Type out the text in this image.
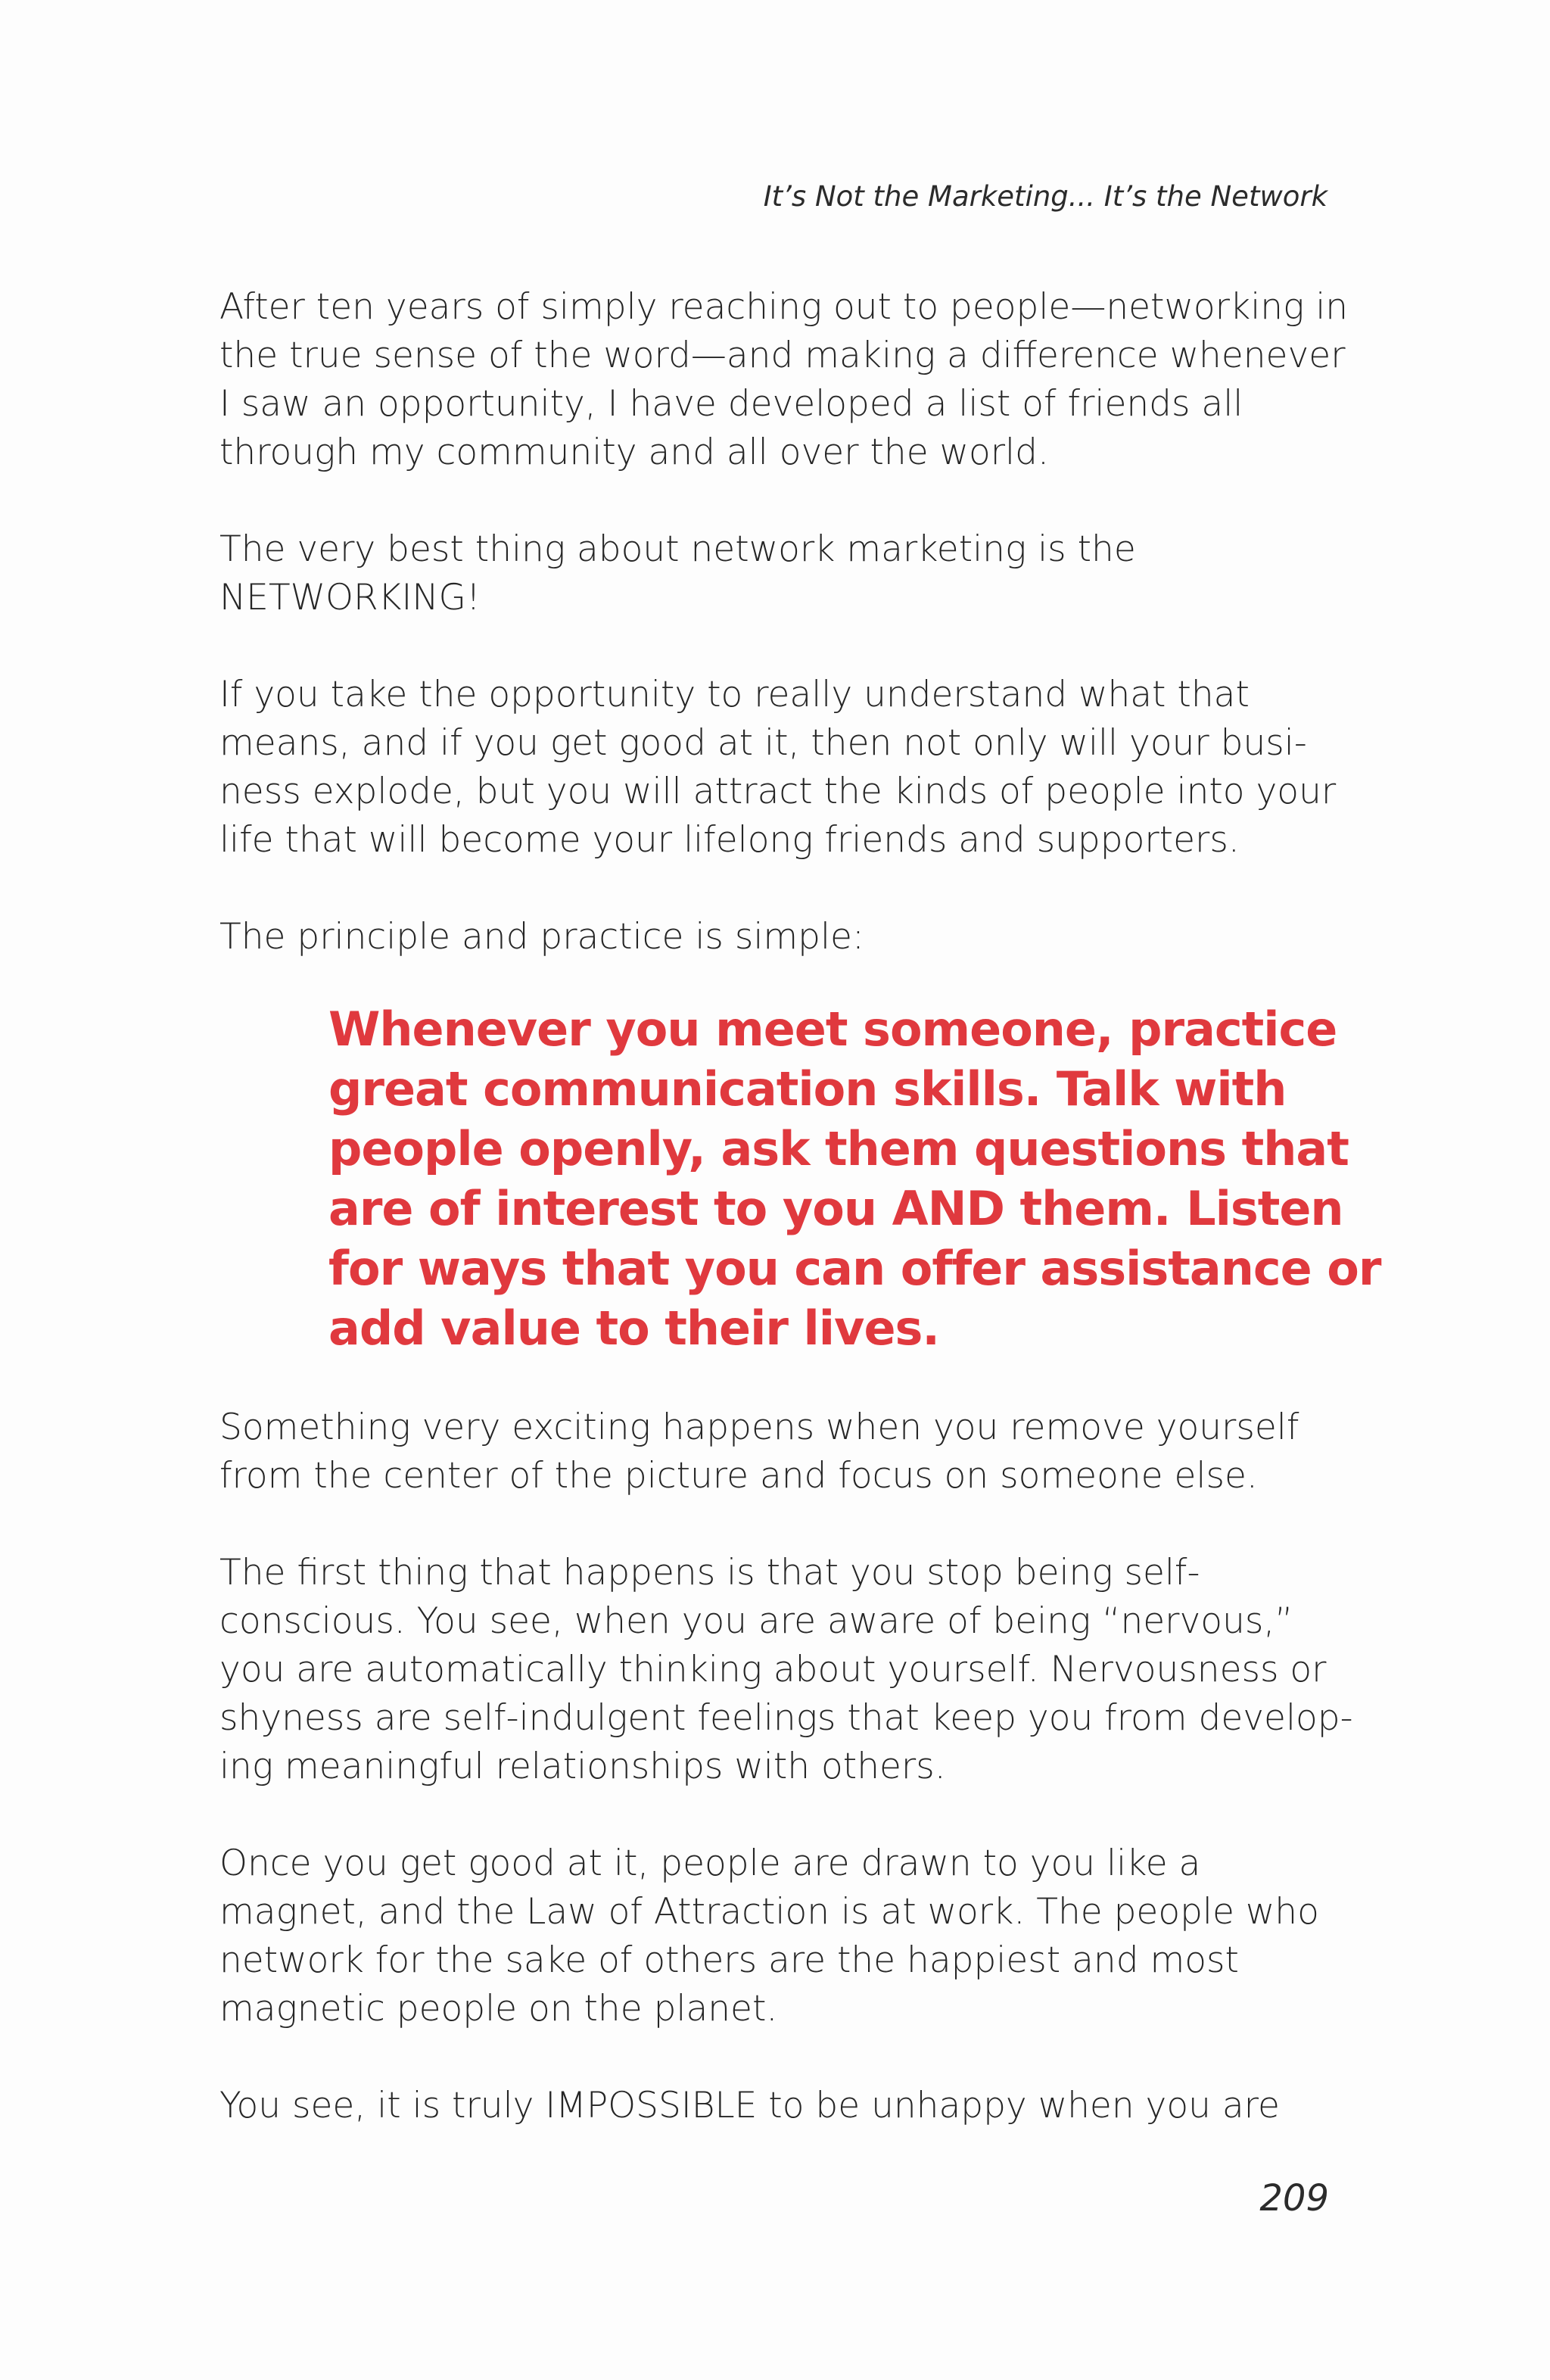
It’s Not the Marketing... It’s the Network

After ten years of simply reaching out to people—networking in
the true sense of the word—and making a difference whenever
I saw an opportunity, I have developed a list of friends all
through my community and all over the world.

The very best thing about network marketing is the
NETWORKING!

If you take the opportunity to really understand what that
means, and if you get good at it, then not only will your busi-
ness explode, but you will attract the kinds of people into your
life that will become your lifelong friends and supporters.

The principle and practice is simple:

Whenever you meet someone, practice
great communication skills. Talk with
people openly, ask them questions that
are of interest to you AND them. Listen
for ways that you can offer assistance or
add value to their lives.

Something very exciting happens when you remove yourself
from the center of the picture and focus on someone else.

The first thing that happens is that you stop being self-
conscious. You see, when you are aware of being “nervous,”
you are automatically thinking about yourself. Nervousness or
shyness are self-indulgent feelings that keep you from develop-
ing meaningful relationships with others.

Once you get good at it, people are drawn to you like a
magnet, and the Law of Attraction is at work. The people who
network for the sake of others are the happiest and most
magnetic people on the planet.

You see, it is truly IMPOSSIBLE to be unhappy when you are

209
